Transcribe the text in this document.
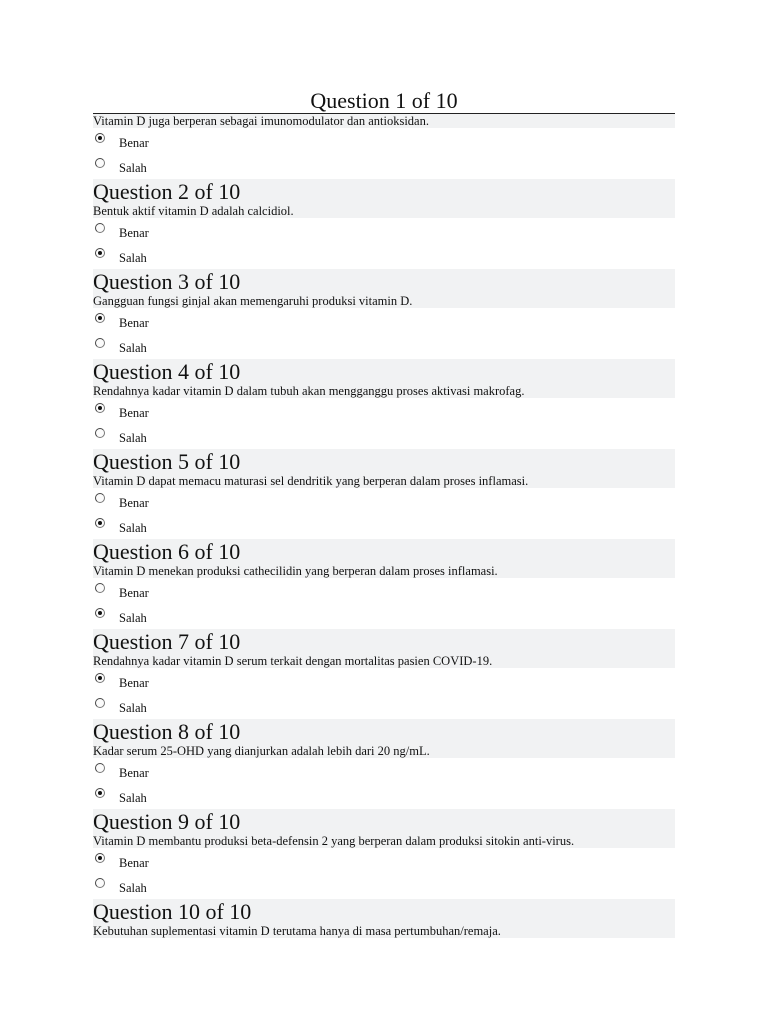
Question 1 of 10
Vitamin D juga berperan sebagai imunomodulator dan antioksidan.
Benar
Salah
Question 2 of 10
Bentuk aktif vitamin D adalah calcidiol.
Benar
Salah
Question 3 of 10
Gangguan fungsi ginjal akan memengaruhi produksi vitamin D.
Benar
Salah
Question 4 of 10
Rendahnya kadar vitamin D dalam tubuh akan mengganggu proses aktivasi makrofag.
Benar
Salah
Question 5 of 10
Vitamin D dapat memacu maturasi sel dendritik yang berperan dalam proses inflamasi.
Benar
Salah
Question 6 of 10
Vitamin D menekan produksi cathecilidin yang berperan dalam proses inflamasi.
Benar
Salah
Question 7 of 10
Rendahnya kadar vitamin D serum terkait dengan mortalitas pasien COVID-19.
Benar
Salah
Question 8 of 10
Kadar serum 25-OHD yang dianjurkan adalah lebih dari 20 ng/mL.
Benar
Salah
Question 9 of 10
Vitamin D membantu produksi beta-defensin 2 yang berperan dalam produksi sitokin anti-virus.
Benar
Salah
Question 10 of 10
Kebutuhan suplementasi vitamin D terutama hanya di masa pertumbuhan/remaja.
